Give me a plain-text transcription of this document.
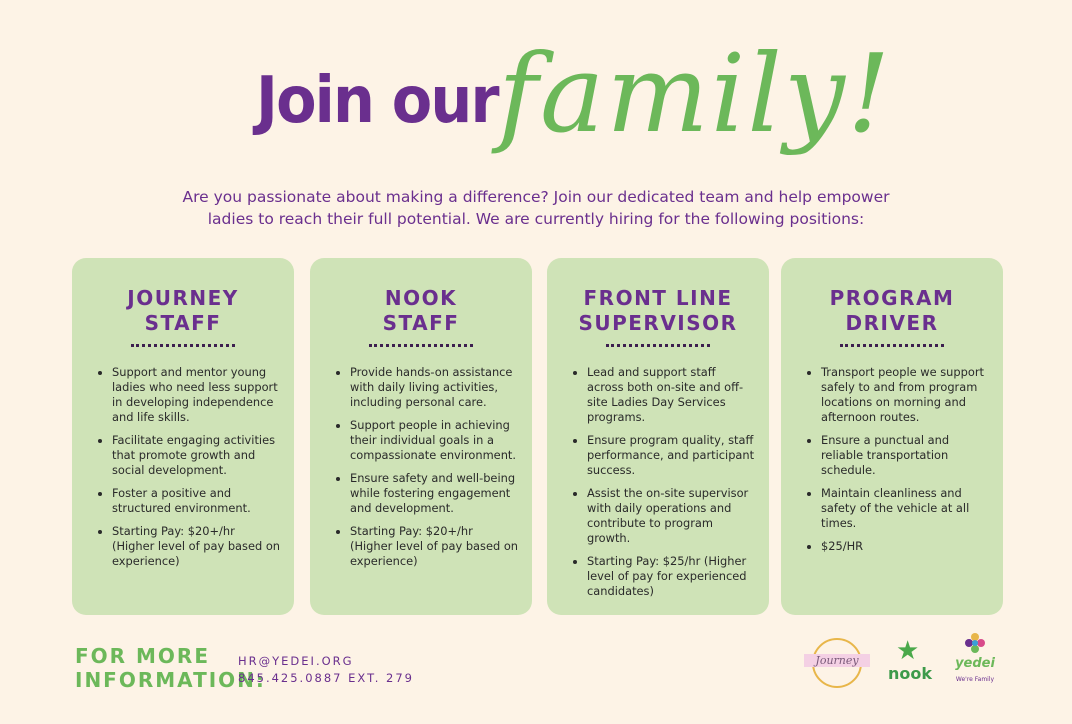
Join our family!
Are you passionate about making a difference? Join our dedicated team and help empower
ladies to reach their full potential. We are currently hiring for the following positions:
JOURNEY
STAFF
• Support and mentor young ladies who need less support in developing independence and life skills.
• Facilitate engaging activities that promote growth and social development.
• Foster a positive and structured environment.
• Starting Pay: $20+/hr (Higher level of pay based on experience)
NOOK
STAFF
• Provide hands-on assistance with daily living activities, including personal care.
• Support people in achieving their individual goals in a compassionate environment.
• Ensure safety and well-being while fostering engagement and development.
• Starting Pay: $20+/hr (Higher level of pay based on experience)
FRONT LINE
SUPERVISOR
• Lead and support staff across both on-site and off-site Ladies Day Services programs.
• Ensure program quality, staff performance, and participant success.
• Assist the on-site supervisor with daily operations and contribute to program growth.
• Starting Pay: $25/hr (Higher level of pay for experienced candidates)
PROGRAM
DRIVER
• Transport people we support safely to and from program locations on morning and afternoon routes.
• Ensure a punctual and reliable transportation schedule.
• Maintain cleanliness and safety of the vehicle at all times.
• $25/HR
FOR MORE
INFORMATION:
HR@YEDEI.ORG
845.425.0887 EXT. 279
Journey	★
nook
yedei
We're Family
